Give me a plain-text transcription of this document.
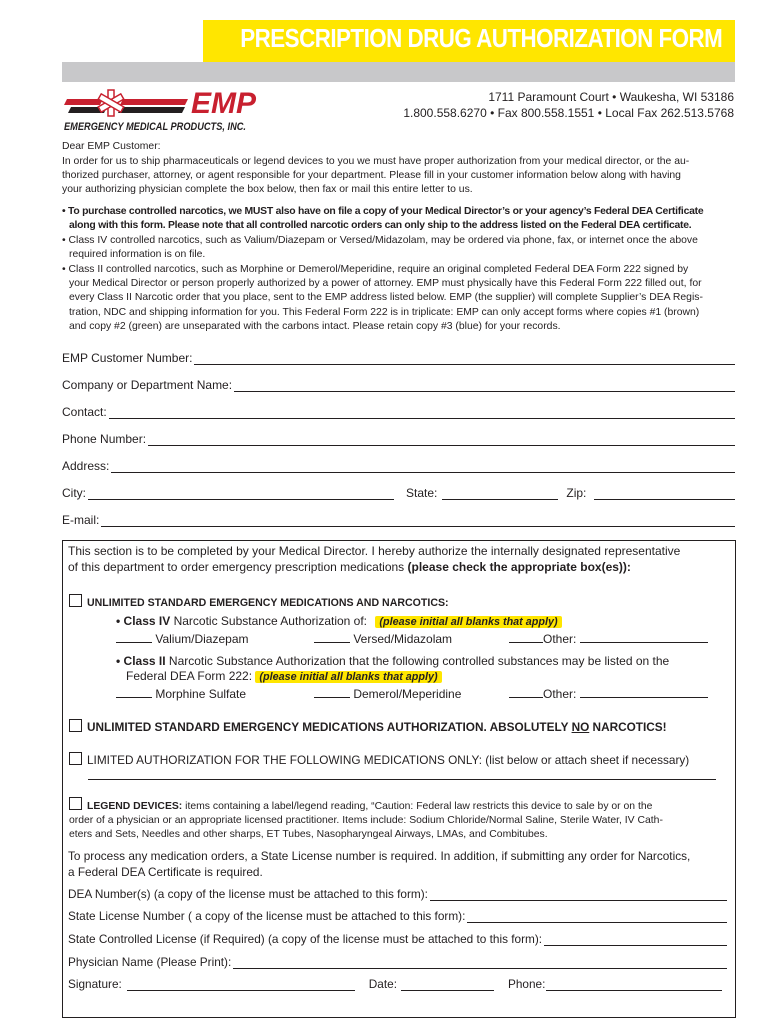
PRESCRIPTION DRUG AUTHORIZATION FORM
EMP
EMERGENCY MEDICAL PRODUCTS, INC.
1711 Paramount Court • Waukesha, WI 53186
1.800.558.6270 • Fax 800.558.1551 • Local Fax 262.513.5768
Dear EMP Customer:
In order for us to ship pharmaceuticals or legend devices to you we must have proper authorization from your medical director, or the au-
thorized purchaser, attorney, or agent responsible for your department. Please fill in your customer information below along with having
your authorizing physician complete the box below, then fax or mail this entire letter to us.
• To purchase controlled narcotics, we MUST also have on file a copy of your Medical Director’s or your agency’s Federal DEA Certificate
along with this form. Please note that all controlled narcotic orders can only ship to the address listed on the Federal DEA certificate.
• Class IV controlled narcotics, such as Valium/Diazepam or Versed/Midazolam, may be ordered via phone, fax, or internet once the above
required information is on file.
• Class II controlled narcotics, such as Morphine or Demerol/Meperidine, require an original completed Federal DEA Form 222 signed by
your Medical Director or person properly authorized by a power of attorney. EMP must physically have this Federal Form 222 filled out, for
every Class II Narcotic order that you place, sent to the EMP address listed below. EMP (the supplier) will complete Supplier’s DEA Regis-
tration, NDC and shipping information for you. This Federal Form 222 is in triplicate: EMP can only accept forms where copies #1 (brown)
and copy #2 (green) are unseparated with the carbons intact. Please retain copy #3 (blue) for your records.
EMP Customer Number:
Company or Department Name:
Contact:
Phone Number:
Address:
City:	State:	Zip:
E-mail:
This section is to be completed by your Medical Director. I hereby authorize the internally designated representative
of this department to order emergency prescription medications (please check the appropriate box(es)):
UNLIMITED STANDARD EMERGENCY MEDICATIONS AND NARCOTICS:
• Class IV Narcotic Substance Authorization of: (please initial all blanks that apply)
Valium/Diazepam	Versed/Midazolam	Other:
• Class II Narcotic Substance Authorization that the following controlled substances may be listed on the
Federal DEA Form 222: (please initial all blanks that apply)
Morphine Sulfate	Demerol/Meperidine	Other:
UNLIMITED STANDARD EMERGENCY MEDICATIONS AUTHORIZATION. ABSOLUTELY NO NARCOTICS!
LIMITED AUTHORIZATION FOR THE FOLLOWING MEDICATIONS ONLY: (list below or attach sheet if necessary)
LEGEND DEVICES: items containing a label/legend reading, “Caution: Federal law restricts this device to sale by or on the
order of a physician or an appropriate licensed practitioner. Items include: Sodium Chloride/Normal Saline, Sterile Water, IV Cath-
eters and Sets, Needles and other sharps, ET Tubes, Nasopharyngeal Airways, LMAs, and Combitubes.
To process any medication orders, a State License number is required. In addition, if submitting any order for Narcotics,
a Federal DEA Certificate is required.
DEA Number(s) (a copy of the license must be attached to this form):
State License Number ( a copy of the license must be attached to this form):
State Controlled License (if Required) (a copy of the license must be attached to this form):
Physician Name (Please Print):
Signature:	Date:	Phone:
